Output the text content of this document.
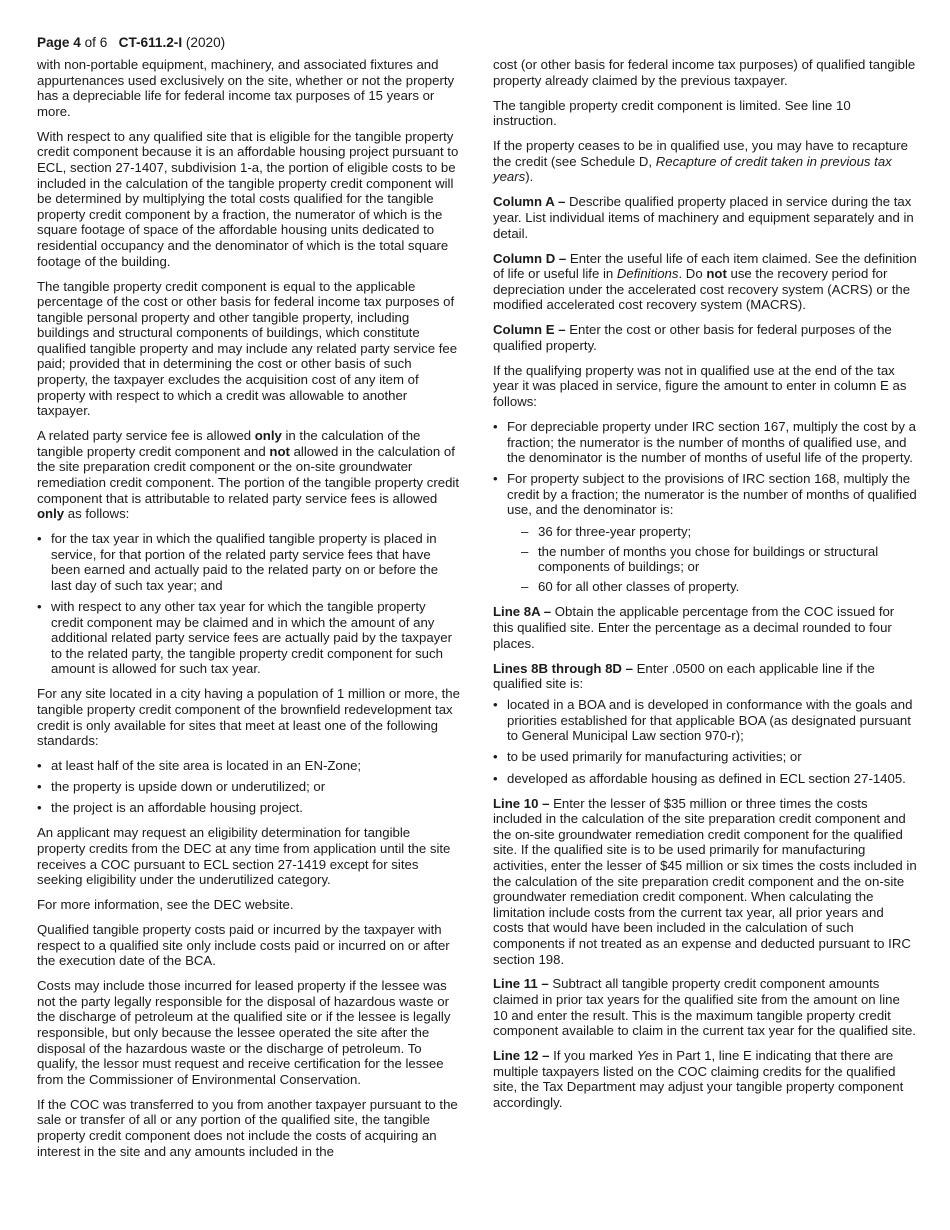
Page 4 of 6 CT-611.2-I (2020)

with non-portable equipment, machinery, and associated fixtures and appurtenances used exclusively on the site, whether or not the property has a depreciable life for federal income tax purposes of 15 years or more.

With respect to any qualified site that is eligible for the tangible property credit component because it is an affordable housing project pursuant to ECL, section 27-1407, subdivision 1-a, the portion of eligible costs to be included in the calculation of the tangible property credit component will be determined by multiplying the total costs qualified for the tangible property credit component by a fraction, the numerator of which is the square footage of space of the affordable housing units dedicated to residential occupancy and the denominator of which is the total square footage of the building.

The tangible property credit component is equal to the applicable percentage of the cost or other basis for federal income tax purposes of tangible personal property and other tangible property, including buildings and structural components of buildings, which constitute qualified tangible property and may include any related party service fee paid; provided that in determining the cost or other basis of such property, the taxpayer excludes the acquisition cost of any item of property with respect to which a credit was allowable to another taxpayer.

A related party service fee is allowed only in the calculation of the tangible property credit component and not allowed in the calculation of the site preparation credit component or the on-site groundwater remediation credit component. The portion of the tangible property credit component that is attributable to related party service fees is allowed only as follows:

• for the tax year in which the qualified tangible property is placed in service, for that portion of the related party service fees that have been earned and actually paid to the related party on or before the last day of such tax year; and
• with respect to any other tax year for which the tangible property credit component may be claimed and in which the amount of any additional related party service fees are actually paid by the taxpayer to the related party, the tangible property credit component for such amount is allowed for such tax year.

For any site located in a city having a population of 1 million or more, the tangible property credit component of the brownfield redevelopment tax credit is only available for sites that meet at least one of the following standards:

• at least half of the site area is located in an EN-Zone;
• the property is upside down or underutilized; or
• the project is an affordable housing project.

An applicant may request an eligibility determination for tangible property credits from the DEC at any time from application until the site receives a COC pursuant to ECL section 27-1419 except for sites seeking eligibility under the underutilized category.

For more information, see the DEC website.

Qualified tangible property costs paid or incurred by the taxpayer with respect to a qualified site only include costs paid or incurred on or after the execution date of the BCA.

Costs may include those incurred for leased property if the lessee was not the party legally responsible for the disposal of hazardous waste or the discharge of petroleum at the qualified site or if the lessee is legally responsible, but only because the lessee operated the site after the disposal of the hazardous waste or the discharge of petroleum. To qualify, the lessor must request and receive certification for the lessee from the Commissioner of Environmental Conservation.

If the COC was transferred to you from another taxpayer pursuant to the sale or transfer of all or any portion of the qualified site, the tangible property credit component does not include the costs of acquiring an interest in the site and any amounts included in the

cost (or other basis for federal income tax purposes) of qualified tangible property already claimed by the previous taxpayer.

The tangible property credit component is limited. See line 10 instruction.

If the property ceases to be in qualified use, you may have to recapture the credit (see Schedule D, Recapture of credit taken in previous tax years).

Column A – Describe qualified property placed in service during the tax year. List individual items of machinery and equipment separately and in detail.

Column D – Enter the useful life of each item claimed. See the definition of life or useful life in Definitions. Do not use the recovery period for depreciation under the accelerated cost recovery system (ACRS) or the modified accelerated cost recovery system (MACRS).

Column E – Enter the cost or other basis for federal purposes of the qualified property.

If the qualifying property was not in qualified use at the end of the tax year it was placed in service, figure the amount to enter in column E as follows:

• For depreciable property under IRC section 167, multiply the cost by a fraction; the numerator is the number of months of qualified use, and the denominator is the number of months of useful life of the property.
• For property subject to the provisions of IRC section 168, multiply the credit by a fraction; the numerator is the number of months of qualified use, and the denominator is:
– 36 for three-year property;
– the number of months you chose for buildings or structural components of buildings; or
– 60 for all other classes of property.

Line 8A – Obtain the applicable percentage from the COC issued for this qualified site. Enter the percentage as a decimal rounded to four places.

Lines 8B through 8D – Enter .0500 on each applicable line if the qualified site is:

• located in a BOA and is developed in conformance with the goals and priorities established for that applicable BOA (as designated pursuant to General Municipal Law section 970-r);
• to be used primarily for manufacturing activities; or
• developed as affordable housing as defined in ECL section 27-1405.

Line 10 – Enter the lesser of $35 million or three times the costs included in the calculation of the site preparation credit component and the on-site groundwater remediation credit component for the qualified site. If the qualified site is to be used primarily for manufacturing activities, enter the lesser of $45 million or six times the costs included in the calculation of the site preparation credit component and the on-site groundwater remediation credit component. When calculating the limitation include costs from the current tax year, all prior years and costs that would have been included in the calculation of such components if not treated as an expense and deducted pursuant to IRC section 198.

Line 11 – Subtract all tangible property credit component amounts claimed in prior tax years for the qualified site from the amount on line 10 and enter the result. This is the maximum tangible property credit component available to claim in the current tax year for the qualified site.

Line 12 – If you marked Yes in Part 1, line E indicating that there are multiple taxpayers listed on the COC claiming credits for the qualified site, the Tax Department may adjust your tangible property component accordingly.
